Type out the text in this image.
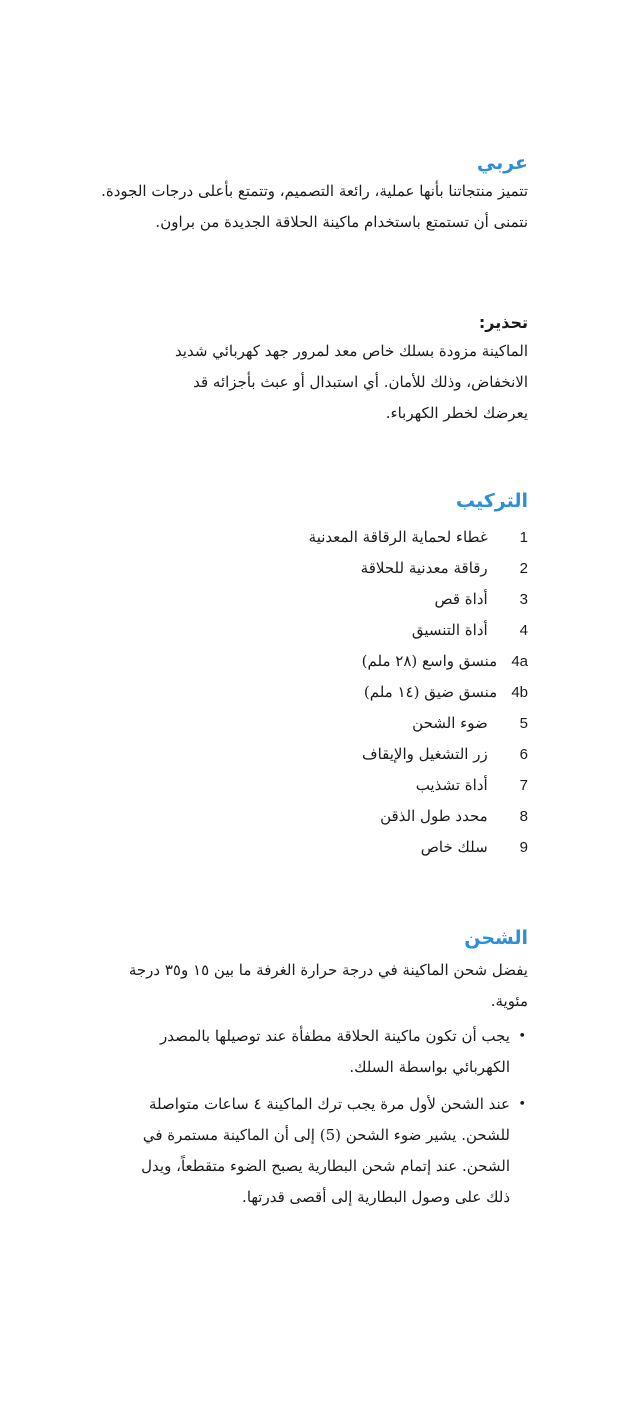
عربي

تتميز منتجاتنا بأنها عملية، رائعة التصميم، وتتمتع بأعلى درجات الجودة. نتمنى أن تستمتع باستخدام ماكينة الحلاقة الجديدة من براون.

تحذير:

الماكينة مزودة بسلك خاص معد لمرور جهد كهربائي شديد الانخفاض، وذلك للأمان. أي استبدال أو عبث بأجزائه قد يعرضك لخطر الكهرباء.

التركيب
1   غطاء لحماية الرقاقة المعدنية
2   رقاقة معدنية للحلاقة
3   أداة قص
4   أداة التنسيق
4a منسق واسع (٢٨ ملم)
4b منسق ضيق (١٤ ملم)
5   ضوء الشحن
6   زر التشغيل والإيقاف
7   أداة تشذيب
8   محدد طول الذقن
9   سلك خاص
الشحن

يفضل شحن الماكينة في درجة حرارة الغرفة ما بين ١٥ و٣٥ درجة مئوية.

•
يجب أن تكون ماكينة الحلاقة مطفأة عند توصيلها بالمصدر الكهربائي بواسطة السلك.
•
عند الشحن لأول مرة يجب ترك الماكينة ٤ ساعات متواصلة للشحن. يشير ضوء الشحن (5) إلى أن الماكينة مستمرة في الشحن. عند إتمام شحن البطارية يصبح الضوء متقطعاً، ويدل ذلك على وصول البطارية إلى أقصى قدرتها.
